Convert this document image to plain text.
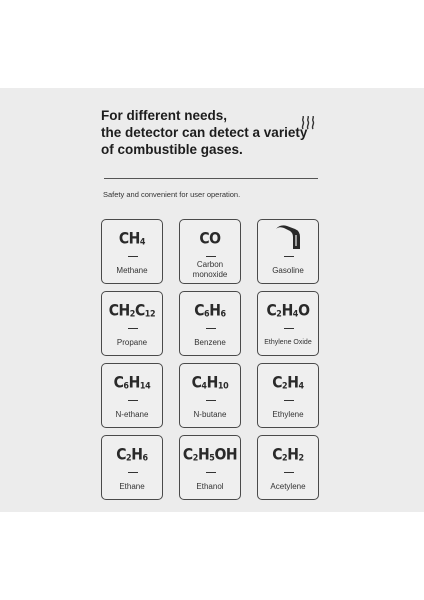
For different needs,
the detector can detect a variety
of combustible gases.
Safety and convenient for user operation.
$CH_4$
Methane
CO
Carbon
monoxide	Gasoline
$CH_2C_{12}$
Propane
$C_6H_6$
Benzene
$C_2H_4O$
Ethylene Oxide
$C_6H_{14}$
N-ethane
$C_4H_{10}$
N-butane
$C_2H_4$
Ethylene
$C_2H_6$
Ethane
$C_2H_5OH$
Ethanol
$C_2H_2$
Acetylene
